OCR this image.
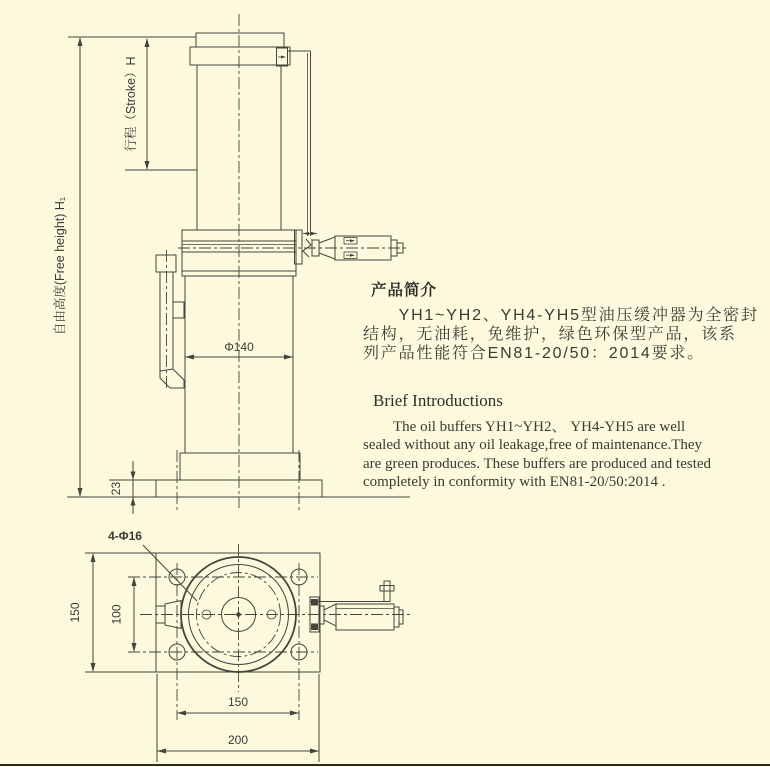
自由高度(Free height) H₁
行程（Stroke）H
Φ140
23
150 100
150
200
4-Φ16
产品简介
　　YH1~YH2、YH4-YH5型油压缓冲器为全密封
结构，无油耗，免维护，绿色环保型产品，该系
列产品性能符合EN81-20/50：2014要求。
Brief Introductions
　　The oil buffers YH1~YH2、 YH4-YH5 are well
sealed without any oil leakage,free of maintenance.They
are green produces. These buffers are produced and tested
completely in conformity with EN81-20/50:2014 .
